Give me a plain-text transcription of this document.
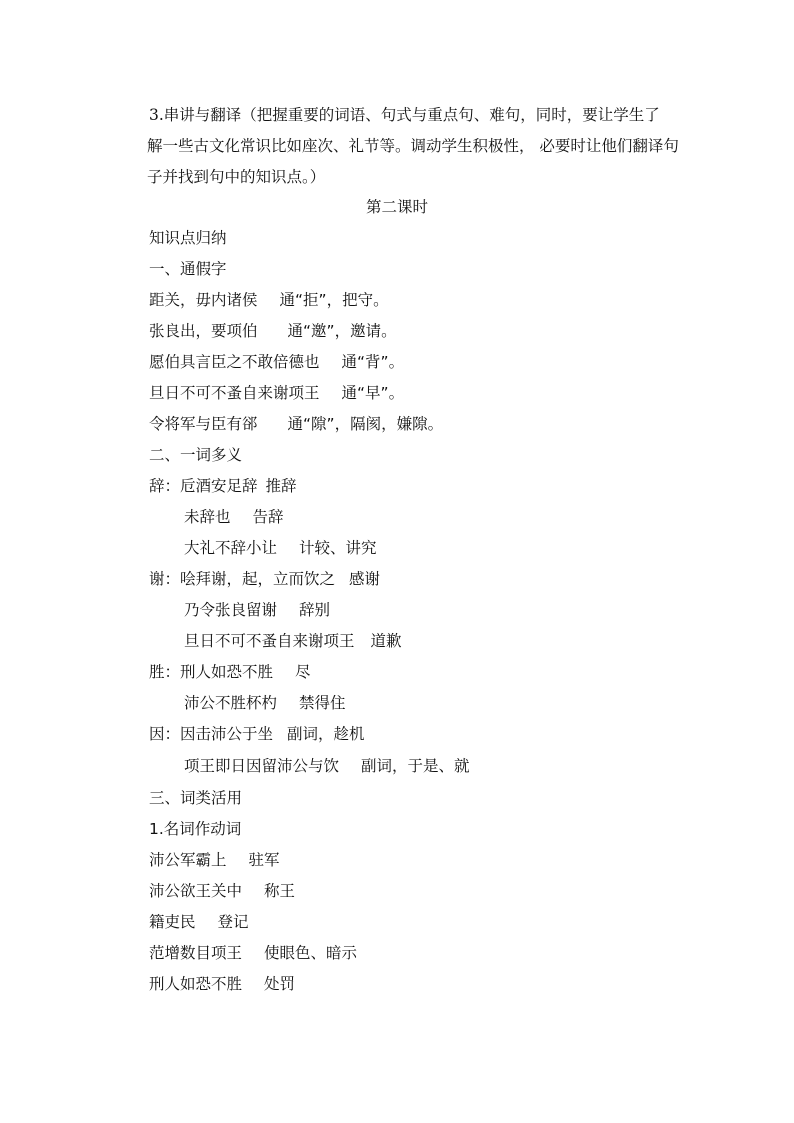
3.串讲与翻译（把握重要的词语、句式与重点句、难句，同时，要让学生了
解一些古文化常识比如座次、礼节等。调动学生积极性， 必要时让他们翻译句
子并找到句中的知识点。）

第二课时
知识点归纳
一、通假字
距关，毋内诸侯 通“拒”，把守。
张良出，要项伯 通“邀”，邀请。
愿伯具言臣之不敢倍德也 通“背”。
旦日不可不蚤自来谢项王 通“早”。
令将军与臣有郤 通“隙”，隔阂，嫌隙。
二、一词多义
辞：卮酒安足辞 推辞
未辞也 告辞
大礼不辞小让 计较、讲究
谢：哙拜谢，起，立而饮之 感谢
乃令张良留谢 辞别
旦日不可不蚤自来谢项王 道歉
胜：刑人如恐不胜 尽
沛公不胜杯杓 禁得住
因：因击沛公于坐 副词，趁机
项王即日因留沛公与饮 副词，于是、就
三、词类活用
1.名词作动词
沛公军霸上 驻军
沛公欲王关中 称王
籍吏民 登记
范增数目项王 使眼色、暗示
刑人如恐不胜 处罚
